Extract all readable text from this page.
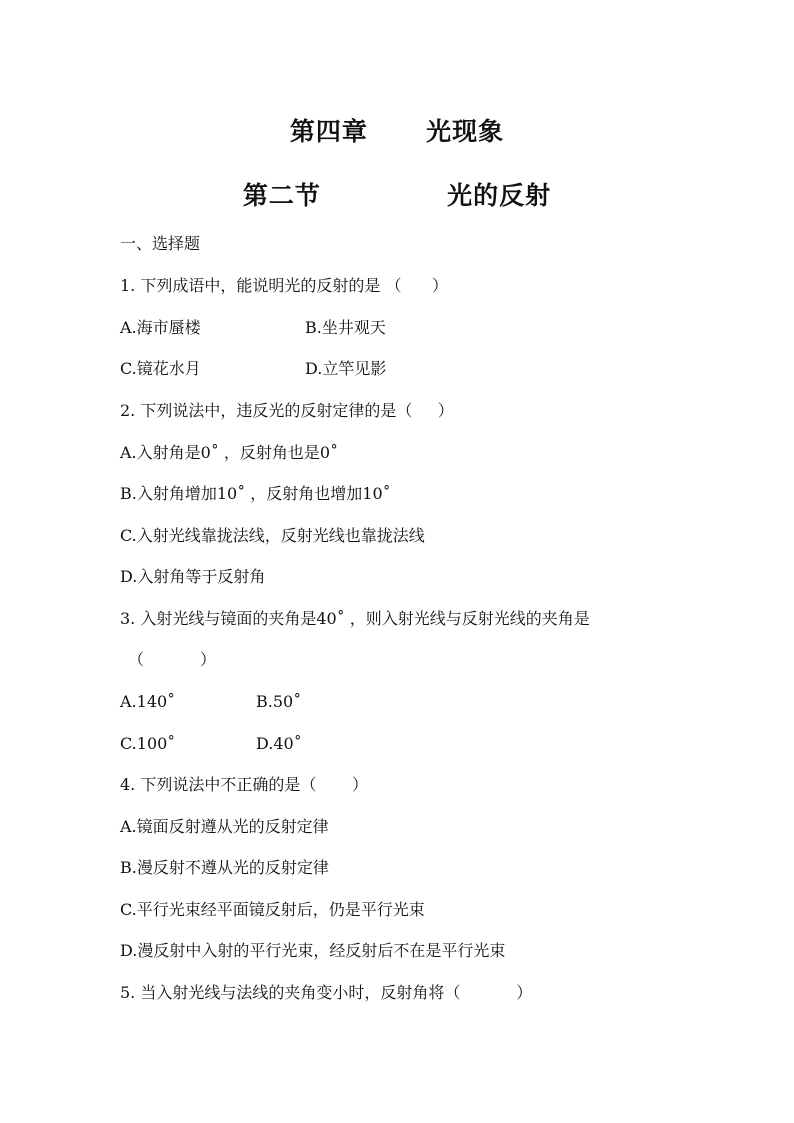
第四章      光现象
第二节             光的反射
一、选择题
1. 下列成语中，能说明光的反射的是 （      ）
A.海市蜃楼	B.坐井观天
C.镜花水月	D.立竿见影
2. 下列说法中，违反光的反射定律的是（     ）
A.入射角是0˚ ，反射角也是0˚
B.入射角增加10˚ ，反射角也增加10˚
C.入射光线靠拢法线，反射光线也靠拢法线
D.入射角等于反射角
3. 入射光线与镜面的夹角是40˚ ，则入射光线与反射光线的夹角是
（           ）
A.140˚	B.50˚
C.100˚	D.40˚
4. 下列说法中不正确的是（       ）
A.镜面反射遵从光的反射定律
B.漫反射不遵从光的反射定律
C.平行光束经平面镜反射后，仍是平行光束
D.漫反射中入射的平行光束，经反射后不在是平行光束
5. 当入射光线与法线的夹角变小时，反射角将（           ）
